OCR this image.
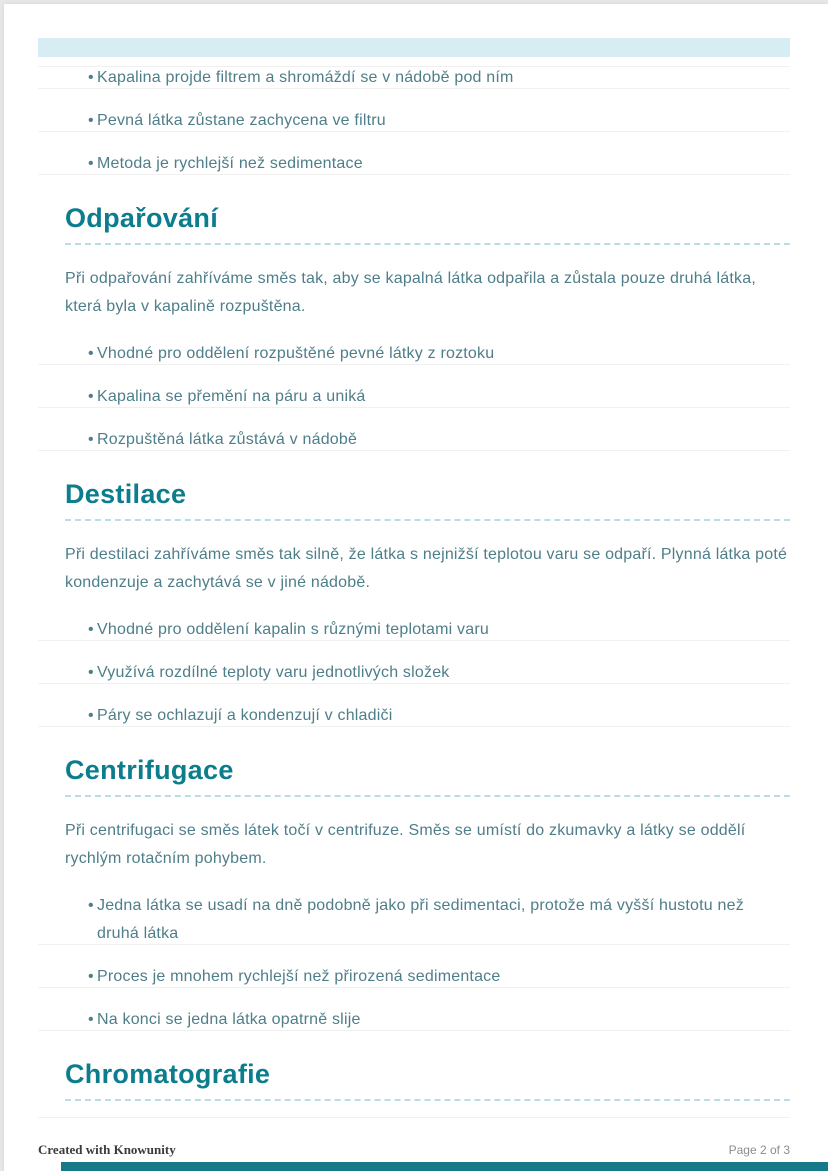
• Kapalina projde filtrem a shromáždí se v nádobě pod ním
• Pevná látka zůstane zachycena ve filtru
• Metoda je rychlejší než sedimentace
Odpařování

Při odpařování zahříváme směs tak, aby se kapalná látka odpařila a zůstala pouze druhá látka, která byla v kapalině rozpuštěna.

• Vhodné pro oddělení rozpuštěné pevné látky z roztoku
• Kapalina se přemění na páru a uniká
• Rozpuštěná látka zůstává v nádobě
Destilace

Při destilaci zahříváme směs tak silně, že látka s nejnižší teplotou varu se odpaří. Plynná látka poté kondenzuje a zachytává se v jiné nádobě.

• Vhodné pro oddělení kapalin s různými teplotami varu
• Využívá rozdílné teploty varu jednotlivých složek
• Páry se ochlazují a kondenzují v chladiči
Centrifugace

Při centrifugaci se směs látek točí v centrifuze. Směs se umístí do zkumavky a látky se oddělí rychlým rotačním pohybem.

• Jedna látka se usadí na dně podobně jako při sedimentaci, protože má vyšší hustotu než druhá látka
• Proces je mnohem rychlejší než přirozená sedimentace
• Na konci se jedna látka opatrně slije
Chromatografie
Created with Knowunity	Page 2 of 3
